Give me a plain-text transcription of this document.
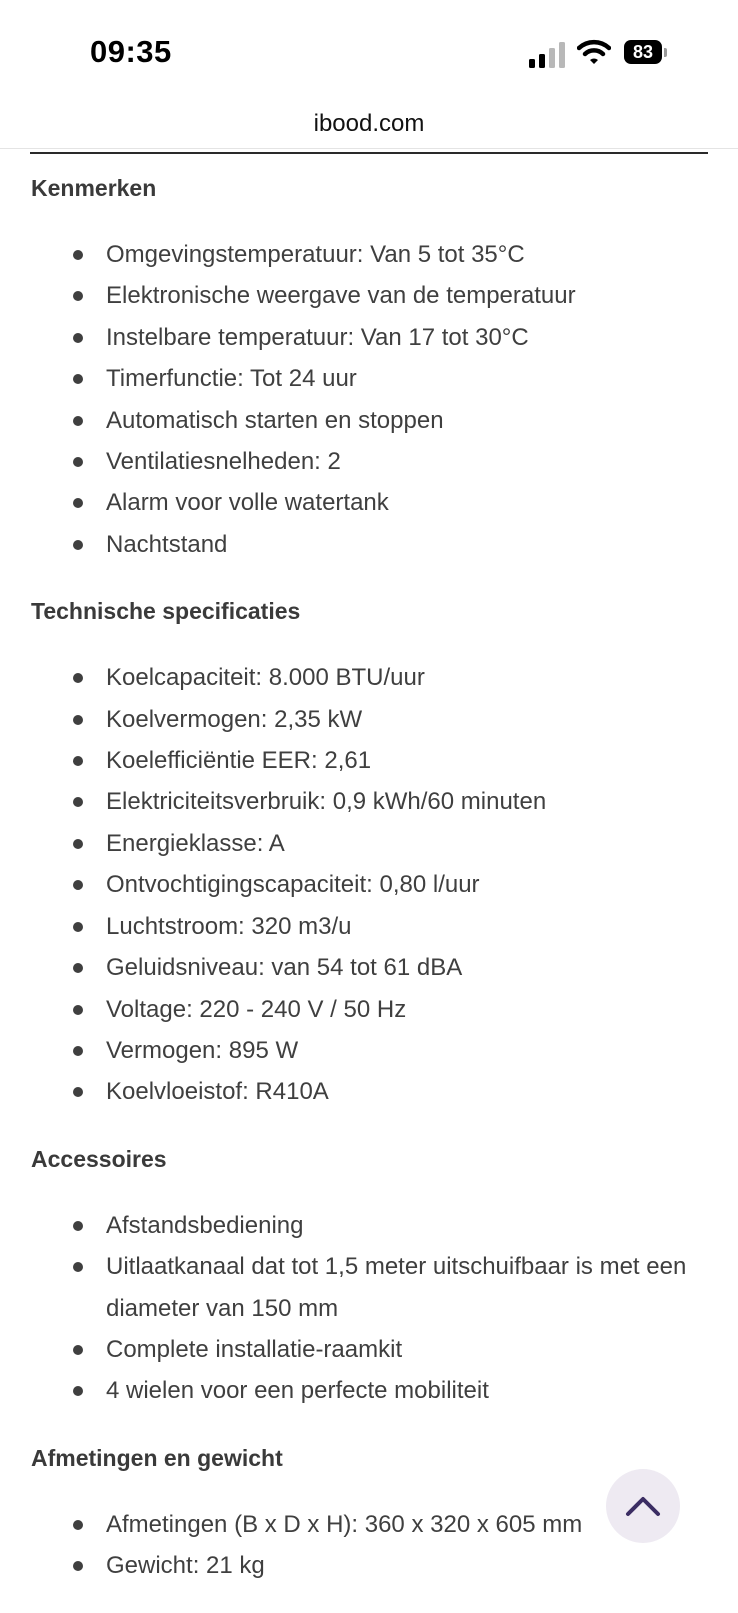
09:35	83
ibood.com
Kenmerken
Omgevingstemperatuur: Van 5 tot 35°C
Elektronische weergave van de temperatuur
Instelbare temperatuur: Van 17 tot 30°C
Timerfunctie: Tot 24 uur
Automatisch starten en stoppen
Ventilatiesnelheden: 2
Alarm voor volle watertank
Nachtstand
Technische specificaties
Koelcapaciteit: 8.000 BTU/uur
Koelvermogen: 2,35 kW
Koelefficiëntie EER: 2,61
Elektriciteitsverbruik: 0,9 kWh/60 minuten
Energieklasse: A
Ontvochtigingscapaciteit: 0,80 l/uur
Luchtstroom: 320 m3/u
Geluidsniveau: van 54 tot 61 dBA
Voltage: 220 - 240 V / 50 Hz
Vermogen: 895 W
Koelvloeistof: R410A
Accessoires
Afstandsbediening
Uitlaatkanaal dat tot 1,5 meter uitschuifbaar is met een diameter van 150 mm
Complete installatie-raamkit
4 wielen voor een perfecte mobiliteit
Afmetingen en gewicht
Afmetingen (B x D x H): 360 x 320 x 605 mm
Gewicht: 21 kg
